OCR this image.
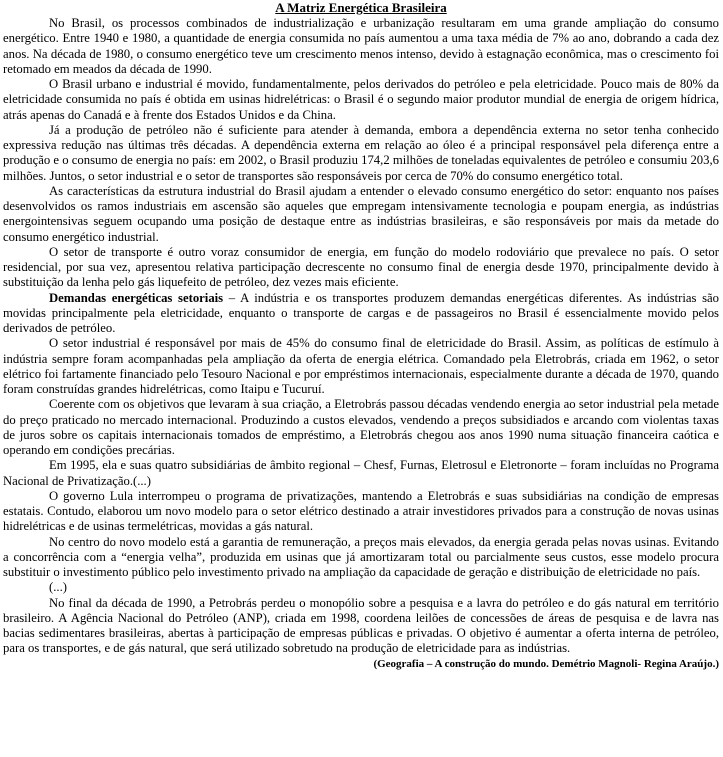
A Matriz Energética Brasileira

No Brasil, os processos combinados de industrialização e urbanização resultaram em uma grande ampliação do consumo energético. Entre 1940 e 1980, a quantidade de energia consumida no país aumentou a uma taxa média de 7% ao ano, dobrando a cada dez anos. Na década de 1980, o consumo energético teve um crescimento menos intenso, devido à estagnação econômica, mas o crescimento foi retomado em meados da década de 1990.

O Brasil urbano e industrial é movido, fundamentalmente, pelos derivados do petróleo e pela eletricidade. Pouco mais de 80% da eletricidade consumida no país é obtida em usinas hidrelétricas: o Brasil é o segundo maior produtor mundial de energia de origem hídrica, atrás apenas do Canadá e à frente dos Estados Unidos e da China.

Já a produção de petróleo não é suficiente para atender à demanda, embora a dependência externa no setor tenha conhecido expressiva redução nas últimas três décadas. A dependência externa em relação ao óleo é a principal responsável pela diferença entre a produção e o consumo de energia no país: em 2002, o Brasil produziu 174,2 milhões de toneladas equivalentes de petróleo e consumiu 203,6 milhões. Juntos, o setor industrial e o setor de transportes são responsáveis por cerca de 70% do consumo energético total.

As características da estrutura industrial do Brasil ajudam a entender o elevado consumo energético do setor: enquanto nos países desenvolvidos os ramos industriais em ascensão são aqueles que empregam intensivamente tecnologia e poupam energia, as indústrias energointensivas seguem ocupando uma posição de destaque entre as indústrias brasileiras, e são responsáveis por mais da metade do consumo energético industrial.

O setor de transporte é outro voraz consumidor de energia, em função do modelo rodoviário que prevalece no país. O setor residencial, por sua vez, apresentou relativa participação decrescente no consumo final de energia desde 1970, principalmente devido à substituição da lenha pelo gás liquefeito de petróleo, dez vezes mais eficiente.

Demandas energéticas setoriais – A indústria e os transportes produzem demandas energéticas diferentes. As indústrias são movidas principalmente pela eletricidade, enquanto o transporte de cargas e de passageiros no Brasil é essencialmente movido pelos derivados de petróleo.

O setor industrial é responsável por mais de 45% do consumo final de eletricidade do Brasil. Assim, as políticas de estímulo à indústria sempre foram acompanhadas pela ampliação da oferta de energia elétrica. Comandado pela Eletrobrás, criada em 1962, o setor elétrico foi fartamente financiado pelo Tesouro Nacional e por empréstimos internacionais, especialmente durante a década de 1970, quando foram construídas grandes hidrelétricas, como Itaipu e Tucuruí.

Coerente com os objetivos que levaram à sua criação, a Eletrobrás passou décadas vendendo energia ao setor industrial pela metade do preço praticado no mercado internacional. Produzindo a custos elevados, vendendo a preços subsidiados e arcando com violentas taxas de juros sobre os capitais internacionais tomados de empréstimo, a Eletrobrás chegou aos anos 1990 numa situação financeira caótica e operando em condições precárias.

Em 1995, ela e suas quatro subsidiárias de âmbito regional – Chesf, Furnas, Eletrosul e Eletronorte – foram incluídas no Programa Nacional de Privatização.(...)

O governo Lula interrompeu o programa de privatizações, mantendo a Eletrobrás e suas subsidiárias na condição de empresas estatais. Contudo, elaborou um novo modelo para o setor elétrico destinado a atrair investidores privados para a construção de novas usinas hidrelétricas e de usinas termelétricas, movidas a gás natural.

No centro do novo modelo está a garantia de remuneração, a preços mais elevados, da energia gerada pelas novas usinas. Evitando a concorrência com a “energia velha”, produzida em usinas que já amortizaram total ou parcialmente seus custos, esse modelo procura substituir o investimento público pelo investimento privado na ampliação da capacidade de geração e distribuição de eletricidade no país.

(...)

No final da década de 1990, a Petrobrás perdeu o monopólio sobre a pesquisa e a lavra do petróleo e do gás natural em território brasileiro. A Agência Nacional do Petróleo (ANP), criada em 1998, coordena leilões de concessões de áreas de pesquisa e de lavra nas bacias sedimentares brasileiras, abertas à participação de empresas públicas e privadas. O objetivo é aumentar a oferta interna de petróleo, para os transportes, e de gás natural, que será utilizado sobretudo na produção de eletricidade para as indústrias.
(Geografia – A construção do mundo. Demétrio Magnoli- Regina Araújo.)
